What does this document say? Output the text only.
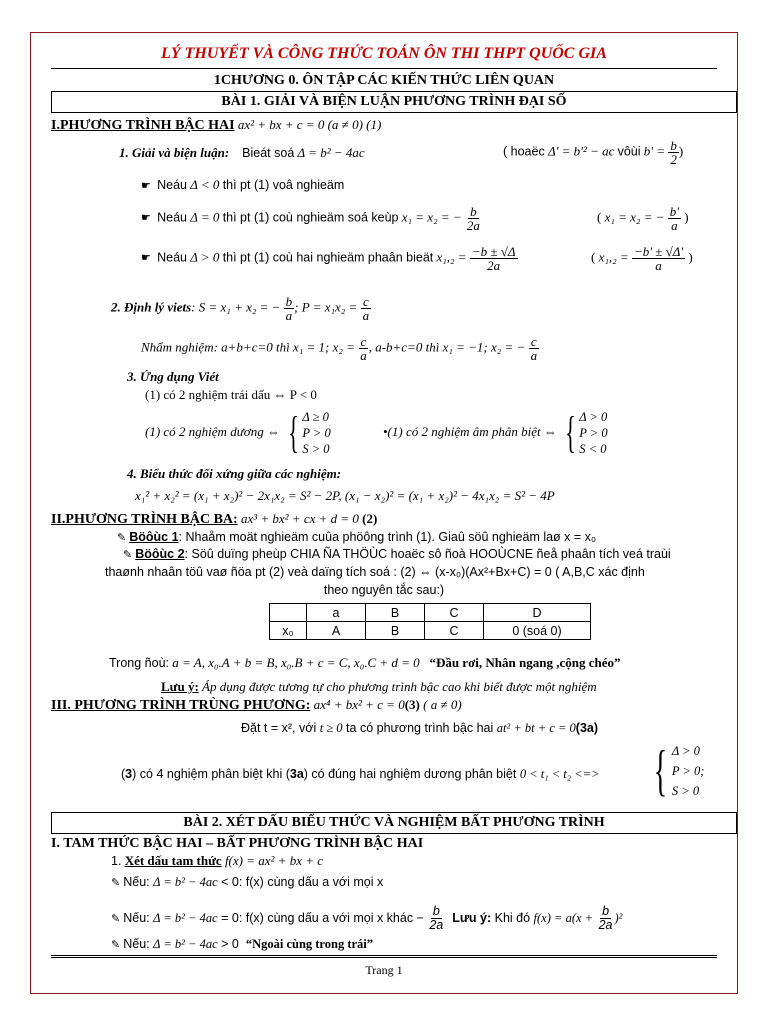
LÝ THUYẾT VÀ CÔNG THỨC TOÁN ÔN THI THPT QUỐC GIA
1CHƯƠNG 0. ÔN TẬP CÁC KIẾN THỨC LIÊN QUAN
BÀI 1. GIẢI VÀ BIỆN LUẬN PHƯƠNG TRÌNH ĐẠI SỐ
I.PHƯƠNG TRÌNH BẬC HAI ax² + bx + c = 0 (a ≠ 0) (1)
1. Giải và biện luận: Bieát soá Δ = b² − 4ac	( hoaëc Δ' = b'² − ac vôùi $b' = \frac{b}{2}$ )
☛ Neáu Δ < 0 thì pt (1) voâ nghieäm
☛ Neáu Δ = 0 thì pt (1) coù nghieäm soá keùp x₁ = x₂ = − $\frac{b}{2a}$	( x₁ = x₂ = − $\frac{b'}{a}$ )
☛ Neáu Δ > 0 thì pt (1) coù hai nghieäm phaân bieät $x_1,_2 = \frac{-b \pm √\Delta}{2a}$	( $x_1,_2 = \frac{-b' \pm √\Delta'}{a}$ )
2. Định lý viets: S = x₁ + x₂ = − $\frac{b}{a}$ ; $P = x_1x_2 = \frac{c}{a}$
Nhẩm nghiệm: a+b+c=0 thì x₁ = 1; $x_2 = \frac{c}{a}$ , a-b+c=0 thì x₁ = −1; x₂ = − $\frac{c}{a}$
3. Ứng dụng Viét
(1) có 2 nghiệm trái dấu ⇔ P < 0
(1) có 2 nghiệm dương ⇔ { Δ ≥ 0
P > 0
S > 0
•(1) có 2 nghiệm âm phân biệt ⇔ { Δ > 0
P > 0
S < 0
4. Biểu thức đối xứng giữa các nghiệm:
x₁² + x₂² = (x₁ + x₂)² − 2x₁x₂ = S² − 2P, (x₁ − x₂)² = (x₁ + x₂)² − 4x₁x₂ = S² − 4P
II.PHƯƠNG TRÌNH BẬC BA: ax³ + bx² + cx + d = 0 (2)
✎ Böôùc 1: Nhaåm moät nghieäm cuûa phöông trình (1). Giaû söû nghieäm laø x = x₀
✎ Böôùc 2: Söû duïng pheùp CHIA ÑA THÖÙC hoaëc sô ñoà HOOÙCNE ñeå phaân tích veá traùi
thaønh nhaân töû vaø ñöa pt (2) veà daïng tích soá : (2) ⇔ (x-x₀)(Ax²+Bx+C) = 0 ( A,B,C xác định
theo nguyên tắc sau:)
	a	B	C	D
x₀	A	B	C	0 (soá 0)
Trong ñoù: a = A, x₀.A + b = B, x₀.B + c = C, x₀.C + d = 0 “Đầu rơi, Nhân ngang ,cộng chéo”
Lưu ý: Áp dụng được tương tự cho phương trình bậc cao khi biết được một nghiệm
III. PHƯƠNG TRÌNH TRÙNG PHƯƠNG: ax⁴ + bx² + c = 0(3) ( a ≠ 0)
Đặt t = x², với t ≥ 0 ta có phương trình bậc hai at² + bt + c = 0(3a)
(3) có 4 nghiệm phân biệt khi (3a) có đúng hai nghiệm dương phân biệt 0 < t₁ < t₂ <=> { Δ > 0
P > 0;
S > 0
BÀI 2. XÉT DẤU BIỂU THỨC VÀ NGHIỆM BẤT PHƯƠNG TRÌNH
I. TAM THỨC BẬC HAI – BẤT PHƯƠNG TRÌNH BẬC HAI
1. Xét dấu tam thức f(x) = ax² + bx + c
✎ Nếu: Δ = b² − 4ac < 0: f(x) cùng dấu a với mọi x
✎ Nếu: Δ = b² − 4ac = 0: f(x) cùng dấu a với mọi x khác − $\frac{b}{2a}$ Lưu ý: Khi đó $f(x) = a(x + \frac{b}{2a} )^2$
✎ Nếu: Δ = b² − 4ac > 0 “Ngoài cùng trong trái”
Trang 1
